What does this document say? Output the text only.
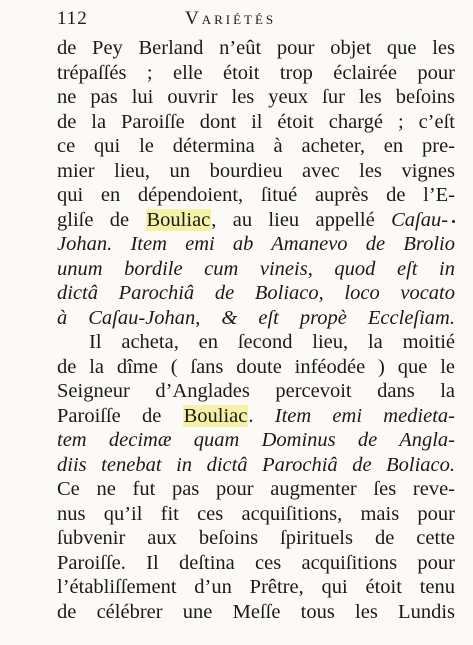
112	Variétés
de Pey Berland n’eût pour objet que les
trépaſſés ; elle étoit trop éclairée pour
ne pas lui ouvrir les yeux ſur les beſoins
de la Paroiſſe dont il étoit chargé ; c’eſt
ce qui le détermina à acheter, en pre-
mier lieu, un bourdieu avec les vignes
qui en dépendoient, ſitué auprès de l’E-
gliſe de Bouliac, au lieu appellé Caſau-
Johan. Item emi ab Amanevo de Brolio
unum bordile cum vineis, quod eſt in
dictâ Parochiâ de Boliaco, loco vocato
à Caſau-Johan, & eſt propè Eccleſiam.
Il acheta, en ſecond lieu, la moitié
de la dîme ( ſans doute inféodée ) que le
Seigneur d’Anglades percevoit dans la
Paroiſſe de Bouliac. Item emi medieta-
tem decimæ quam Dominus de Angla-
diis tenebat in dictâ Parochiâ de Boliaco.
Ce ne fut pas pour augmenter ſes reve-
nus qu’il fit ces acquiſitions, mais pour
ſubvenir aux beſoins ſpirituels de cette
Paroiſſe. Il deſtina ces acquiſitions pour
l’établiſſement d’un Prêtre, qui étoit tenu
de célébrer une Meſſe tous les Lundis
